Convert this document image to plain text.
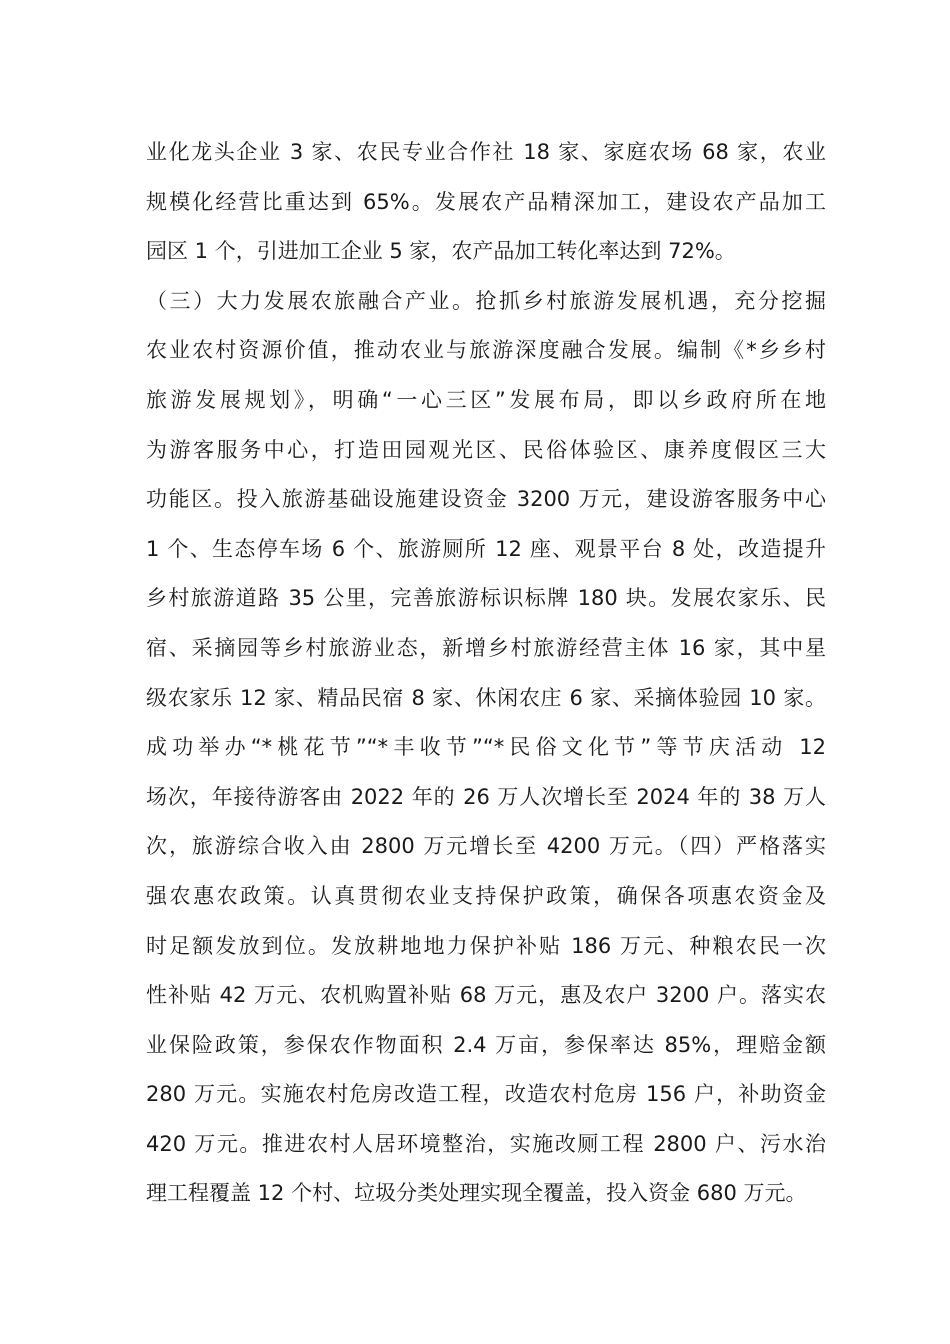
业化龙头企业 3 家、农民专业合作社 18 家、家庭农场 68 家，农业
规模化经营比重达到 65%。发展农产品精深加工，建设农产品加工
园区 1 个，引进加工企业 5 家，农产品加工转化率达到 72%。
（三）大力发展农旅融合产业。抢抓乡村旅游发展机遇，充分挖掘
农业农村资源价值，推动农业与旅游深度融合发展。编制《*乡乡村
旅游发展规划》，明确“一心三区”发展布局，即以乡政府所在地
为游客服务中心，打造田园观光区、民俗体验区、康养度假区三大
功能区。投入旅游基础设施建设资金 3200 万元，建设游客服务中心
1 个、生态停车场 6 个、旅游厕所 12 座、观景平台 8 处，改造提升
乡村旅游道路 35 公里，完善旅游标识标牌 180 块。发展农家乐、民
宿、采摘园等乡村旅游业态，新增乡村旅游经营主体 16 家，其中星
级农家乐 12 家、精品民宿 8 家、休闲农庄 6 家、采摘体验园 10 家。
成功举办“*桃花节”“*丰收节”“*民俗文化节”等节庆活动 12
场次，年接待游客由 2022 年的 26 万人次增长至 2024 年的 38 万人
次，旅游综合收入由 2800 万元增长至 4200 万元。（四）严格落实
强农惠农政策。认真贯彻农业支持保护政策，确保各项惠农资金及
时足额发放到位。发放耕地地力保护补贴 186 万元、种粮农民一次
性补贴 42 万元、农机购置补贴 68 万元，惠及农户 3200 户。落实农
业保险政策，参保农作物面积 2.4 万亩，参保率达 85%，理赔金额
280 万元。实施农村危房改造工程，改造农村危房 156 户，补助资金
420 万元。推进农村人居环境整治，实施改厕工程 2800 户、污水治
理工程覆盖 12 个村、垃圾分类处理实现全覆盖，投入资金 680 万元。
